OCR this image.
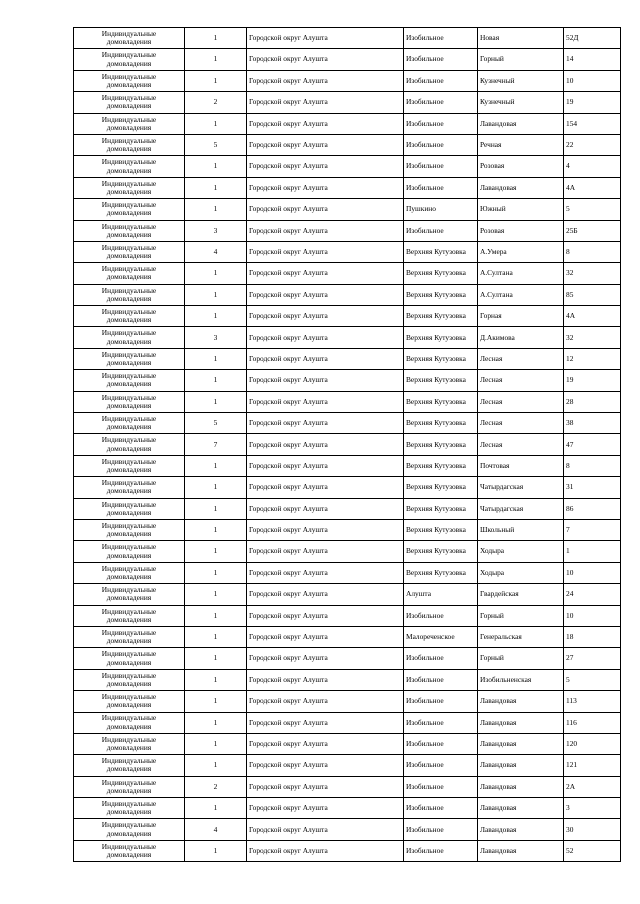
Индивидуальные
домовладения	1	Городской округ Алушта	Изобильное	Новая	52Д

Индивидуальные
домовладения	1	Городской округ Алушта	Изобильное	Горный	14

Индивидуальные
домовладения	1	Городской округ Алушта	Изобильное	Кузнечный	10

Индивидуальные
домовладения	2	Городской округ Алушта	Изобильное	Кузнечный	19

Индивидуальные
домовладения	1	Городской округ Алушта	Изобильное	Лавандовая	154

Индивидуальные
домовладения	5	Городской округ Алушта	Изобильное	Речная	22

Индивидуальные
домовладения	1	Городской округ Алушта	Изобильное	Розовая	4

Индивидуальные
домовладения	1	Городской округ Алушта	Изобильное	Лавандовая	4А

Индивидуальные
домовладения	1	Городской округ Алушта	Пушкино	Южный	5

Индивидуальные
домовладения	3	Городской округ Алушта	Изобильное	Розовая	25Б

Индивидуальные
домовладения	4	Городской округ Алушта	Верхняя Кутузовка	А.Умера	8

Индивидуальные
домовладения	1	Городской округ Алушта	Верхняя Кутузовка	А.Султана	32

Индивидуальные
домовладения	1	Городской округ Алушта	Верхняя Кутузовка	А.Султана	85

Индивидуальные
домовладения	1	Городской округ Алушта	Верхняя Кутузовка	Горная	4А

Индивидуальные
домовладения	3	Городской округ Алушта	Верхняя Кутузовка	Д.Акимова	32

Индивидуальные
домовладения	1	Городской округ Алушта	Верхняя Кутузовка	Лесная	12

Индивидуальные
домовладения	1	Городской округ Алушта	Верхняя Кутузовка	Лесная	19

Индивидуальные
домовладения	1	Городской округ Алушта	Верхняя Кутузовка	Лесная	28

Индивидуальные
домовладения	5	Городской округ Алушта	Верхняя Кутузовка	Лесная	38

Индивидуальные
домовладения	7	Городской округ Алушта	Верхняя Кутузовка	Лесная	47

Индивидуальные
домовладения	1	Городской округ Алушта	Верхняя Кутузовка	Почтовая	8

Индивидуальные
домовладения	1	Городской округ Алушта	Верхняя Кутузовка	Чатырдагская	31

Индивидуальные
домовладения	1	Городской округ Алушта	Верхняя Кутузовка	Чатырдагская	86

Индивидуальные
домовладения	1	Городской округ Алушта	Верхняя Кутузовка	Школьный	7

Индивидуальные
домовладения	1	Городской округ Алушта	Верхняя Кутузовка	Ходыра	1

Индивидуальные
домовладения	1	Городской округ Алушта	Верхняя Кутузовка	Ходыра	10

Индивидуальные
домовладения	1	Городской округ Алушта	Алушта	Гвардейская	24

Индивидуальные
домовладения	1	Городской округ Алушта	Изобильное	Горный	10

Индивидуальные
домовладения	1	Городской округ Алушта	Малореченское	Генеральская	18

Индивидуальные
домовладения	1	Городской округ Алушта	Изобильное	Горный	27

Индивидуальные
домовладения	1	Городской округ Алушта	Изобильное	Изобильненская	5

Индивидуальные
домовладения	1	Городской округ Алушта	Изобильное	Лавандовая	113

Индивидуальные
домовладения	1	Городской округ Алушта	Изобильное	Лавандовая	116

Индивидуальные
домовладения	1	Городской округ Алушта	Изобильное	Лавандовая	120

Индивидуальные
домовладения	1	Городской округ Алушта	Изобильное	Лавандовая	121

Индивидуальные
домовладения	2	Городской округ Алушта	Изобильное	Лавандовая	2А

Индивидуальные
домовладения	1	Городской округ Алушта	Изобильное	Лавандовая	3

Индивидуальные
домовладения	4	Городской округ Алушта	Изобильное	Лавандовая	30

Индивидуальные
домовладения	1	Городской округ Алушта	Изобильное	Лавандовая	52
